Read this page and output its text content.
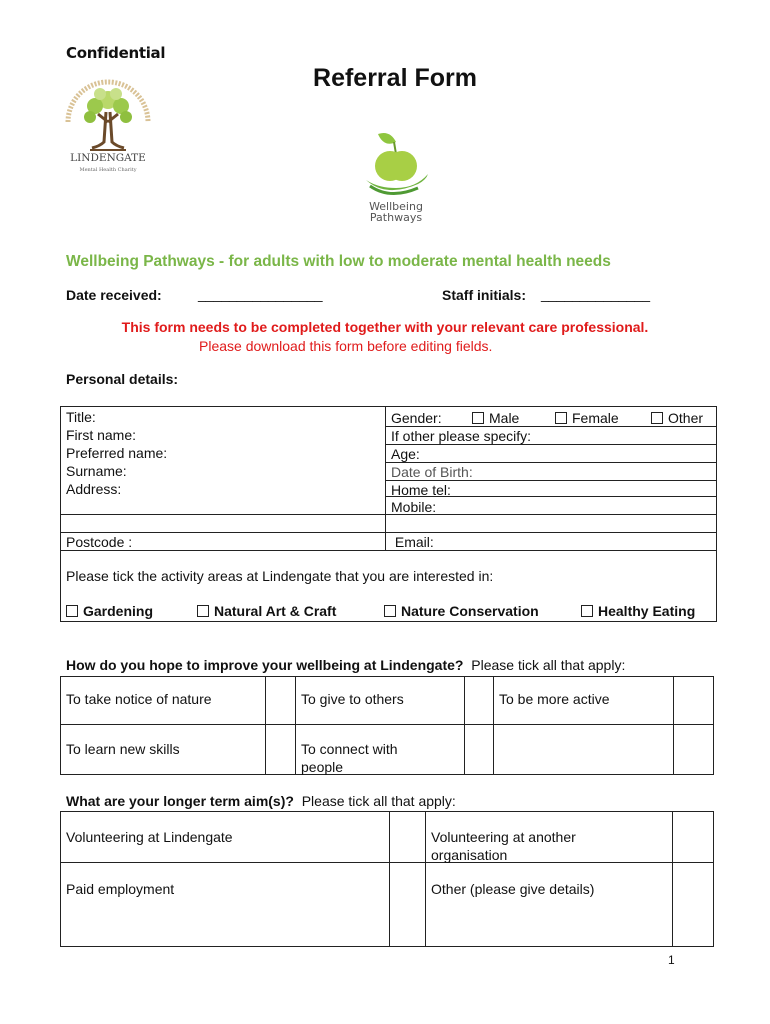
Confidential
LINDENGATE
Mental Health Charity
Referral Form
Wellbeing
Pathways
Wellbeing Pathways - for adults with low to moderate mental health needs
Date received:	________________	Staff initials: ______________
This form needs to be completed together with your relevant care professional.
Please download this form before editing fields.
Personal details:
Title:
First name:
Preferred name:
Surname:
Address:
Postcode :
Gender:	Male	Female	Other
If other please specify:
Age:
Date of Birth:
Home tel:
Mobile:
Email:
Please tick the activity areas at Lindengate that you are interested in:
Gardening	Natural Art & Craft	Nature Conservation	Healthy Eating
How do you hope to improve your wellbeing at Lindengate? Please tick all that apply:
To take notice of nature	To give to others	To be more active
To learn new skills	To connect with people
What are your longer term aim(s)? Please tick all that apply:
Volunteering at Lindengate	Volunteering at another organisation
Paid employment	Other (please give details)
1
